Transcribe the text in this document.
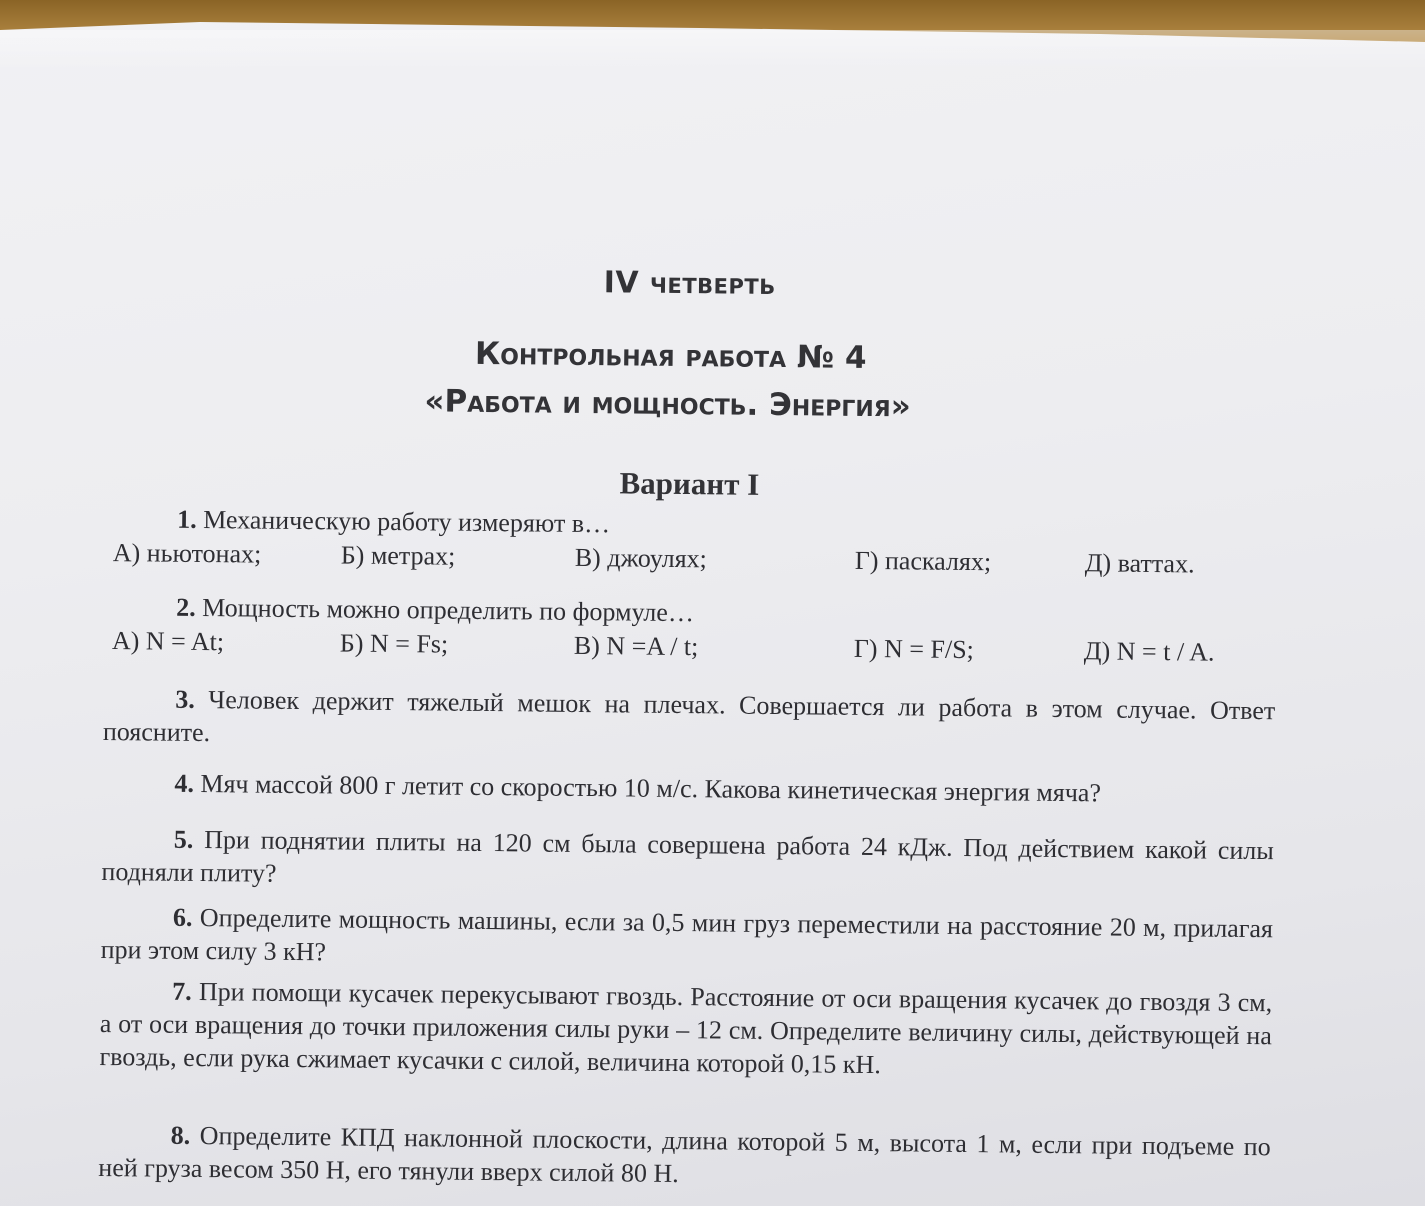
IV четверть
Контрольная работа № 4
«Работа и мощность. Энергия»
Вариант I
1. Механическую работу измеряют в…
А) ньютонах;	Б) метрах;	В) джоулях;	Г) паскалях;	Д) ваттах.
2. Мощность можно определить по формуле…
А) N = At;	Б) N = Fs;	В) N =A / t;	Г) N = F/S;	Д) N = t / A.
3. Человек держит тяжелый мешок на плечах. Совершается ли работа в этом случае. Ответ поясните.
4. Мяч массой 800 г летит со скоростью 10 м/с. Какова кинетическая энергия мяча?
5. При поднятии плиты на 120 см была совершена работа 24 кДж. Под действием какой силы подняли плиту?
6. Определите мощность машины, если за 0,5 мин груз переместили на расстояние 20 м, прилагая при этом силу 3 кН?
7. При помощи кусачек перекусывают гвоздь. Расстояние от оси вращения кусачек до гвоздя 3 см, а от оси вращения до точки приложения силы руки – 12 см. Определите величину силы, действующей на гвоздь, если рука сжимает кусачки с силой, величина которой 0,15 кН.
8. Определите КПД наклонной плоскости, длина которой 5 м, высота 1 м, если при подъеме по ней груза весом 350 Н, его тянули вверх силой 80 Н.
